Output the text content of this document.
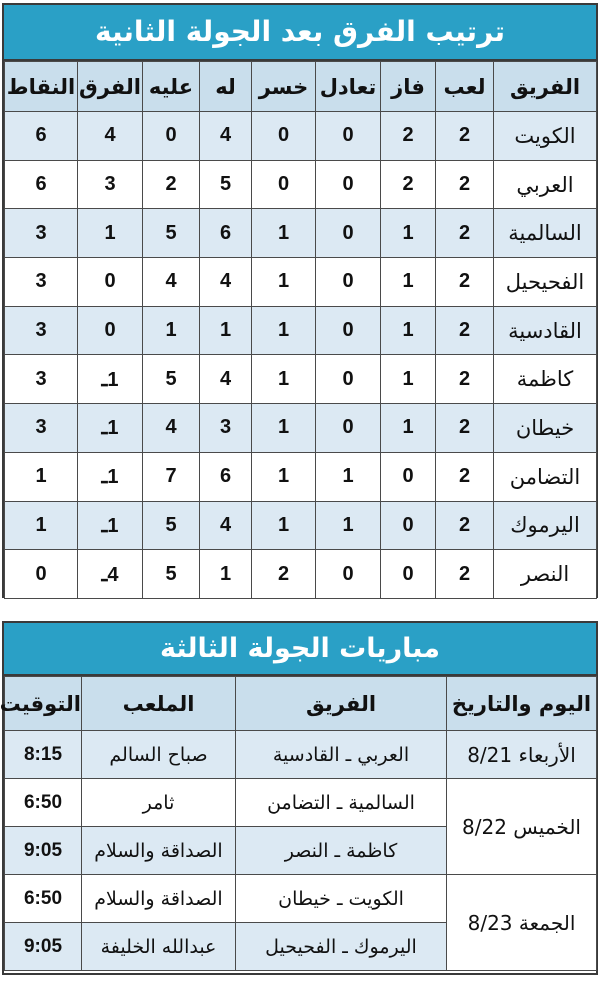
ترتيب الفرق بعد الجولة الثانية
الفريق	لعب	فاز	تعادل	خسر	له	عليه	الفرق	النقاط
الكويت	2	2	0	0	4	0	4	6
العربي	2	2	0	0	5	2	3	6
السالمية	2	1	0	1	6	5	1	3
الفحيحيل	2	1	0	1	4	4	0	3
القادسية	2	1	0	1	1	1	0	3
كاظمة	2	1	0	1	4	5	1ـ	3
خيطان	2	1	0	1	3	4	1ـ	3
التضامن	2	0	1	1	6	7	1ـ	1
اليرموك	2	0	1	1	4	5	1ـ	1
النصر	2	0	0	2	1	5	4ـ	0
مباريات الجولة الثالثة
اليوم والتاريخ	الفريق	الملعب	التوقيت
الأربعاء 8/21	العربي ـ القادسية	صباح السالم	8:15
الخميس 8/22	السالمية ـ التضامن	ثامر	6:50
	كاظمة ـ النصر	الصداقة والسلام	9:05
الجمعة 8/23	الكويت ـ خيطان	الصداقة والسلام	6:50
	اليرموك ـ الفحيحيل	عبدالله الخليفة	9:05
